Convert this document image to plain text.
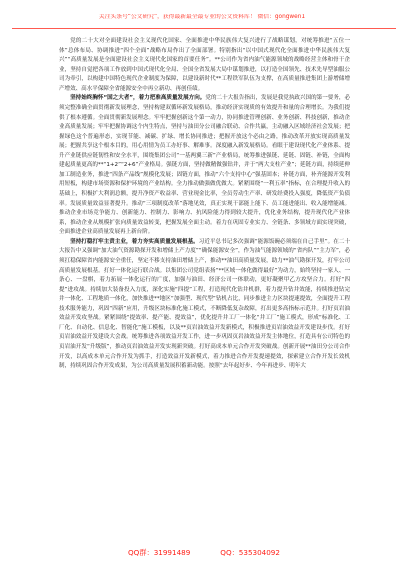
关注头条号“公文研究”，获得最新最全最专业的公文资料库！ 微信：gongwen1

党的二十大对全面建设社会主义现代化国家、全面推进中华民族伟大复兴进行了战略谋划，对统筹推进“五位一体”总体布局、协调推进“四个全面”战略布局作出了全面部署。特别指出“以中国式现代化全面推进中华民族伟大复兴”“高质量发展是全面建设社会主义现代化国家的首要任务”。**公司作为省内油气能源领域的战略经营主体和骨干企业，坚持自觉把各项工作放到中国式现代化全局、全国全省发展大局中谋划推进，以打造全国领先、技术先导型油服公司为牵引，以构建中国特色现代企业制度为保障，以建设新时代**工程铁军队伍为支撑，在高质量推进集团上游增储增产增效、高水平保障全省能源安全中再立新功、再创佳绩。

坚持始终胸怀“国之大者”，着力把准高质量发展方向。党的二十大报告指出，发展是我党执政兴国的第一要务，必须完整准确全面贯彻新发展理念，坚持构建双循环新发展格局，推动经济实现质的有效提升和量的合理增长。为我们提供了根本遵循。全面贯彻新发展理念。牢牢把握创新这个第一动力，协同推进管理创新、业务创新、科技创新，推动企业高质量发展；牢牢把握协调这个内生特点，坚持与油田分公司融合联动、合作共赢，主动融入区域经济社会发展；把握绿色这个普遍形态，实现节能、减碳、扩绿、增长协同推进；把握开放这个必由之路，推动改革开放实现高质量发展；把握共享这个根本目的，用心用情为员工办好事、解难事。深度融入新发展格局。看眼于建设现代化产业体系、提升产业链供应链韧性和安全水平，围绕集团公司“一基两翼三新”产业格局，统筹推进强链、延链、固链、补链，全面构建起质量更高的**“1+2”“2+6”产业格局。强链方面，坚持做精做强钻井，并于“两大支柱产业”；延链方面，持续延伸加工制造业务，推进“四条产品线”规模化发展；固链方面，推动“六个支持中心”强基固本；补链方面，补齐能源开发利用短板，构建市场资源和保护环境的产业结构。全力推动做强做优做大。紧紧围绕“一利五率”指标，在合理提升收入的基础上，积极扩大利润总额，提升净资产收益率、营业现金比率，全员劳动生产率、研发经费投入强度，降低资产负债率。发展质量效益显著提升。推动“三项制度改革”落地见效，真正实现干部能上能下、员工能进能出、收入能增能减。推动企业市场竞争能力、创新能力、控制力、影响力、抗风险能力得到较大提升，优化业务结构，提升现代化产业体系，推动企业从规模扩张向质量效益转变，把握发展全面主动。着力在巩固专业实力、全链条、多领域方面实现突破，全面推进企业高质量发展再上新台阶。

坚持打稳打牢主责主业，着力夯实高质量发展根基。习近平总书记多次强调“能源饭碗必须端在自己手里”。在二十大报告中又强调“加大油气资源勘探开发和增储上产力度”“确保能源安全”，作为油气能源领域的“省内队”“主力军”，必须扛稳保障省内能源安全重任，坚定不移支持油田增储上产，推动**油田高质量发展，助力**油气勘探开发，打牢公司高质量发展根基。打好一体化运行联合战。以集团公司党组表扬“**区域一体化做得最好”为动力，始终坚持一家人、一条心、一盘棋，着力拓展一体化运行的广度，加强与油田、经济公司一体联动，更好凝聚甲乙方攻坚合力。打好“四提”进攻战。持续加大装备投入力度，深化实施“四提”工程，打造现代化钻井机群，着力提升钻井效能，持续推进钻完井一体化、工程地质一体化，加快推进**地区“加强型、现代型”钻机占比，同步推进主力区块提速提效，全面提升工程技术服务能力，巩固“四新”应用，升级区块标准化施工模式，不断降低复杂故障，打出更多高指标示范井。打好页岩油效益开发攻坚战。紧紧围绕“提效率、提产能、提效益”，优化提升井工厂一体化“井工厂”施工模式，形成“标准化、工厂化、自动化、信息化、智能化”施工模板，以及**页岩油效益开发新模式，积极推进页岩油效益开发建设步伐。打好页岩油效益开发建设大会战。统筹推进各项效益开发工作，进一步巩固页岩油效益开发主体地位，打造具有公司特色的页岩油开发“升级版”，推动页岩油效益开发实现新突破。打好高成本单元合作开发突破战。创新开展**油田分公司合作开发，以高成本单元合作开发为抓手，打造效益开发新模式，着力推进合作开发提速提效，探索建立合作开发长效机制，持续巩固合作开发成果，为公司高质量发展积蓄新动能。按照“去年起好步、今年再进步、明年大

QQ群：31991489	QQ：535304092
